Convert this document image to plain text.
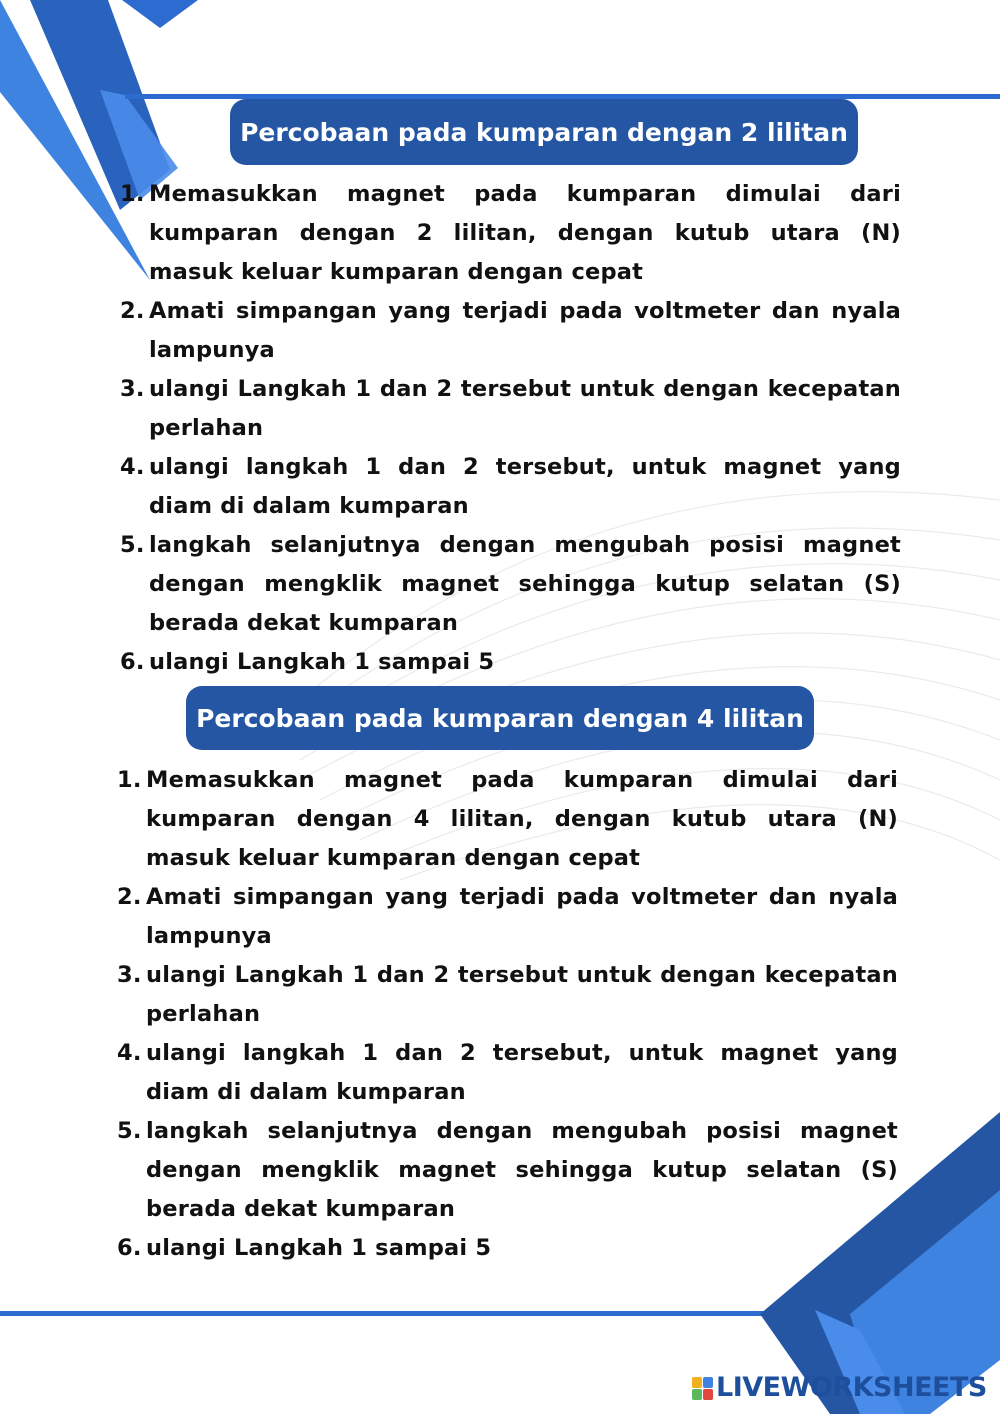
Percobaan pada kumparan dengan 2 lilitan
1. Memasukkan magnet pada kumparan dimulai dari kumparan dengan 2 lilitan, dengan kutub utara (N) masuk keluar kumparan dengan cepat
2. Amati simpangan yang terjadi pada voltmeter dan nyala lampunya
3. ulangi Langkah 1 dan 2 tersebut untuk dengan kecepatan perlahan
4. ulangi langkah 1 dan 2 tersebut, untuk magnet yang diam di dalam kumparan
5. langkah selanjutnya dengan mengubah posisi magnet dengan mengklik magnet sehingga kutup selatan (S) berada dekat kumparan
6. ulangi Langkah 1 sampai 5
Percobaan pada kumparan dengan 4 lilitan
1. Memasukkan magnet pada kumparan dimulai dari kumparan dengan 4 lilitan, dengan kutub utara (N) masuk keluar kumparan dengan cepat
2. Amati simpangan yang terjadi pada voltmeter dan nyala lampunya
3. ulangi Langkah 1 dan 2 tersebut untuk dengan kecepatan perlahan
4. ulangi langkah 1 dan 2 tersebut, untuk magnet yang diam di dalam kumparan
5. langkah selanjutnya dengan mengubah posisi magnet dengan mengklik magnet sehingga kutup selatan (S) berada dekat kumparan
6. ulangi Langkah 1 sampai 5
LIVEWORKSHEETS
